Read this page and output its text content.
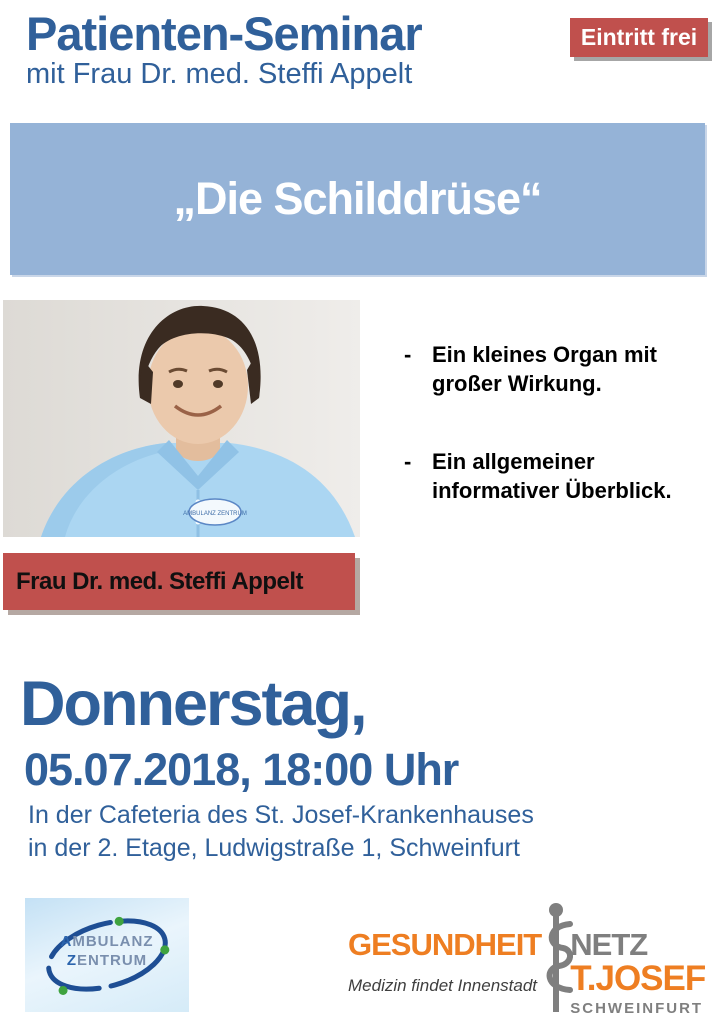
Patienten-Seminar	Eintritt frei
mit Frau Dr. med. Steffi Appelt
„Die Schilddrüse“
AMBULANZ ZENTRUM
- Ein kleines Organ mit
großer Wirkung.
- Ein allgemeiner
informativer Überblick.
Frau Dr. med. Steffi Appelt
Donnerstag,
05.07.2018, 18:00 Uhr
In der Cafeteria des St. Josef-Krankenhauses
in der 2. Etage, Ludwigstraße 1, Schweinfurt
AMBULANZ
ZENTRUM	GESUNDHEIT
Medizin findet Innenstadt
NETZ
T.JOSEF
SCHWEINFURT
